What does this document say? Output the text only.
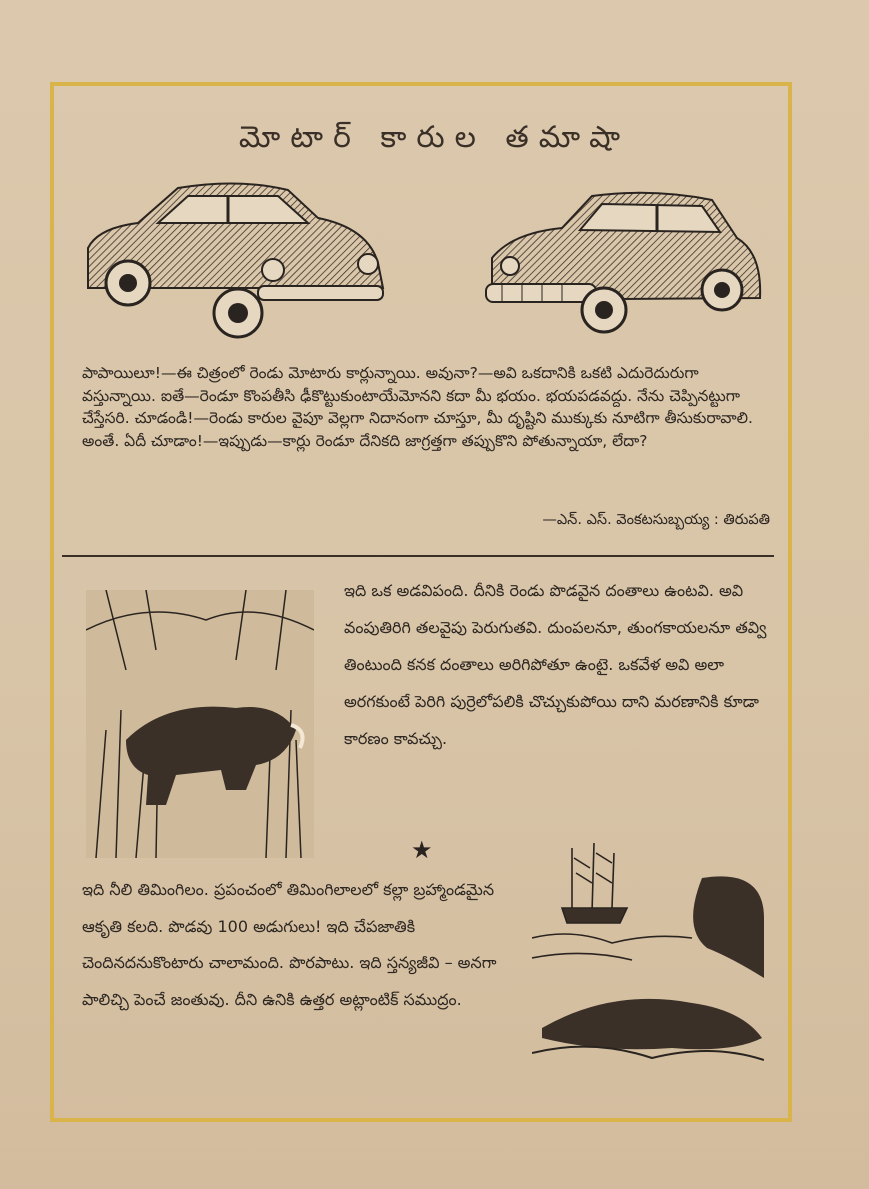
మోటార్ కారుల తమాషా
పాపాయిలూ!—ఈ చిత్రంలో రెండు మోటారు కార్లున్నాయి. అవునా?—అవి ఒకదానికి ఒకటి ఎదురెదురుగా వస్తున్నాయి. ఐతే—రెండూ కొంపతీసి ఢీకొట్టుకుంటాయేమోనని కదా మీ భయం. భయపడవద్దు. నేను చెప్పినట్టుగా చేస్తేసరి. చూడండి!—రెండు కారుల వైపూ వెల్లగా నిదానంగా చూస్తూ, మీ దృష్టిని ముక్కుకు నూటిగా తీసుకురావాలి. అంతే. ఏదీ చూడాం!—ఇప్పుడు—కార్లు రెండూ దేనికది జాగ్రత్తగా తప్పుకొని పోతున్నాయా, లేదా?
—ఎన్. ఎస్. వెంకటసుబ్బయ్య : తిరుపతి
ఇది ఒక అడవిపంది. దీనికి రెండు పొడవైన దంతాలు ఉంటవి. అవి వంపుతిరిగి తలవైపు పెరుగుతవి. దుంపలనూ, తుంగకాయలనూ తవ్వి తింటుంది కనక దంతాలు అరిగిపోతూ ఉంటై. ఒకవేళ అవి అలా అరగకుంటే పెరిగి పుర్రెలోపలికి చొచ్చుకుపోయి దాని మరణానికి కూడా కారణం కావచ్చు.
★
ఇది నీలి తిమింగిలం. ప్రపంచంలో తిమింగిలాలలో కల్లా బ్రహ్మాండమైన ఆకృతి కలది. పొడవు 100 అడుగులు! ఇది చేపజాతికి చెందినదనుకొంటారు చాలామంది. పొరపాటు. ఇది స్తన్యజీవి – అనగా పాలిచ్చి పెంచే జంతువు. దీని ఉనికి ఉత్తర అట్లాంటిక్ సముద్రం.
